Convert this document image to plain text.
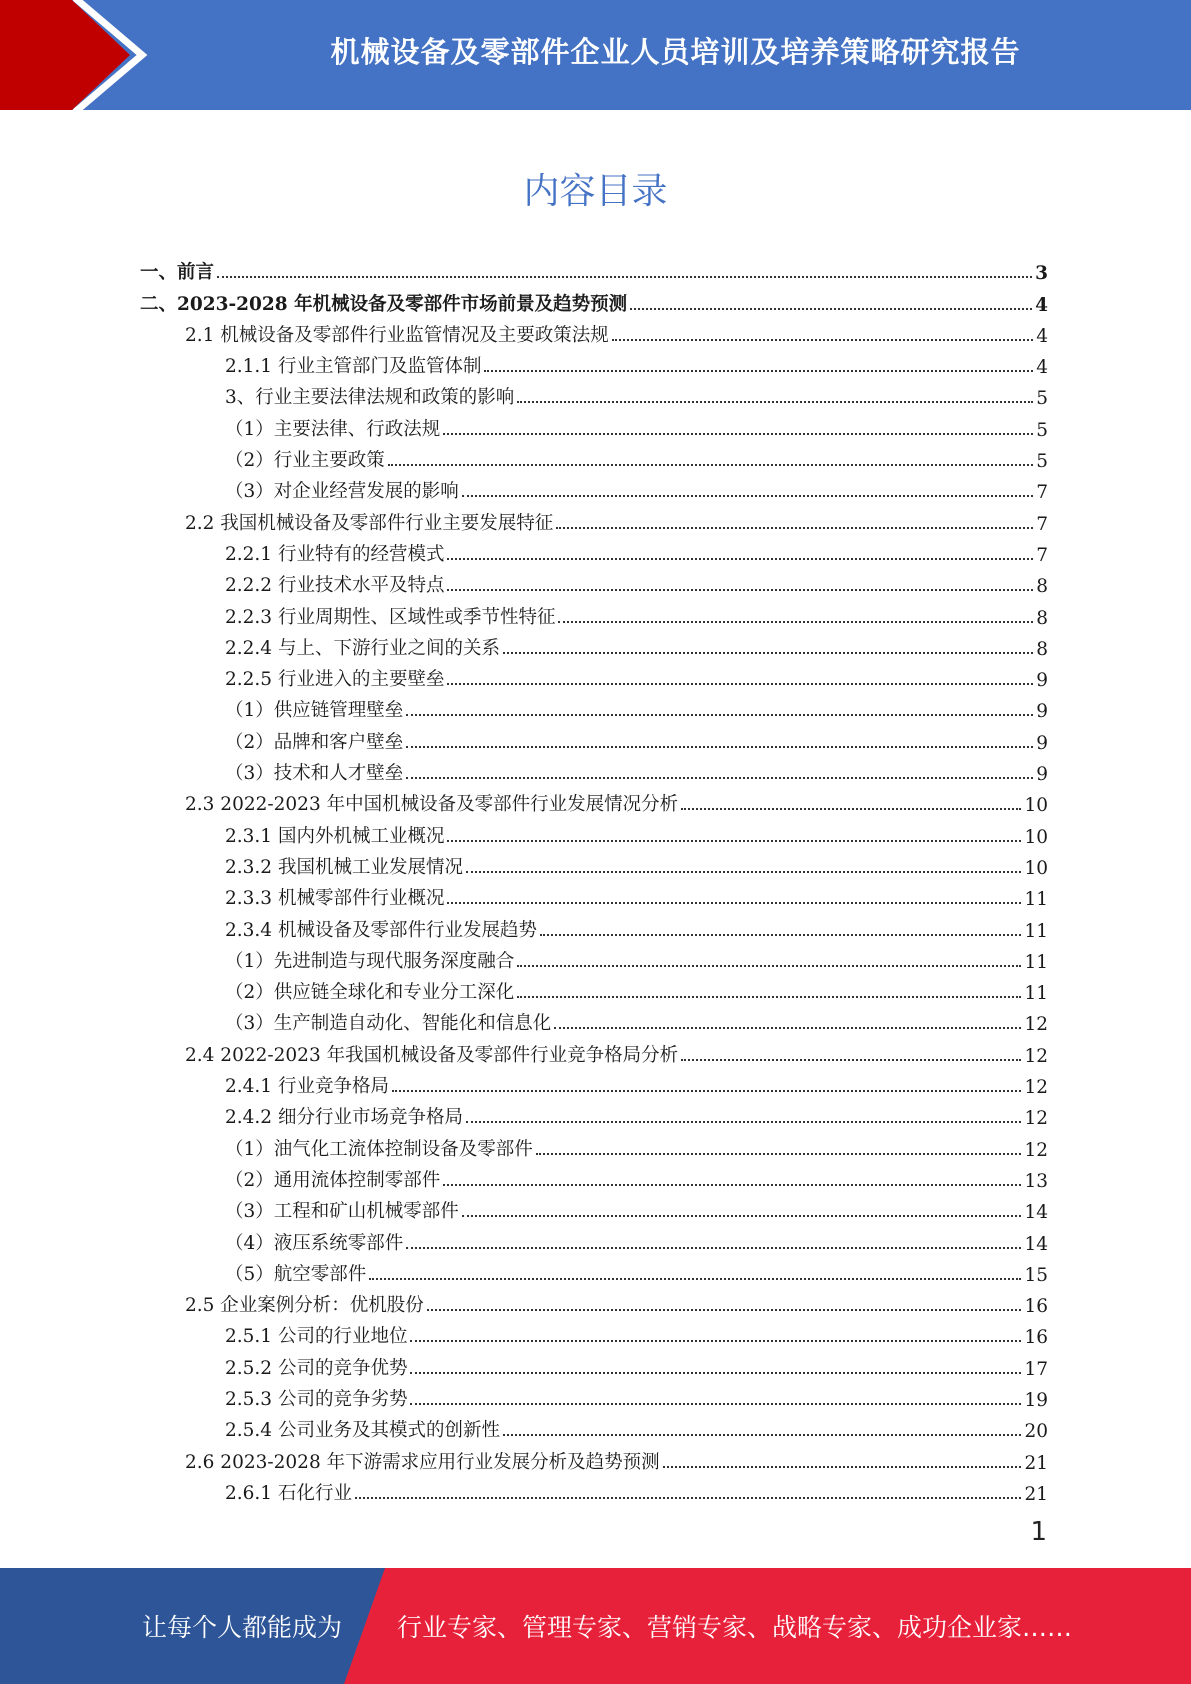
机械设备及零部件企业人员培训及培养策略研究报告
内容目录
一、前言	3
二、2023-2028 年机械设备及零部件市场前景及趋势预测	4
2.1 机械设备及零部件行业监管情况及主要政策法规	4
2.1.1 行业主管部门及监管体制	4
3、行业主要法律法规和政策的影响	5
（1）主要法律、行政法规	5
（2）行业主要政策	5
（3）对企业经营发展的影响	7
2.2 我国机械设备及零部件行业主要发展特征	7
2.2.1 行业特有的经营模式	7
2.2.2 行业技术水平及特点	8
2.2.3 行业周期性、区域性或季节性特征	8
2.2.4 与上、下游行业之间的关系	8
2.2.5 行业进入的主要壁垒	9
（1）供应链管理壁垒	9
（2）品牌和客户壁垒	9
（3）技术和人才壁垒	9
2.3 2022-2023 年中国机械设备及零部件行业发展情况分析	10
2.3.1 国内外机械工业概况	10
2.3.2 我国机械工业发展情况	10
2.3.3 机械零部件行业概况	11
2.3.4 机械设备及零部件行业发展趋势	11
（1）先进制造与现代服务深度融合	11
（2）供应链全球化和专业分工深化	11
（3）生产制造自动化、智能化和信息化	12
2.4 2022-2023 年我国机械设备及零部件行业竞争格局分析	12
2.4.1 行业竞争格局	12
2.4.2 细分行业市场竞争格局	12
（1）油气化工流体控制设备及零部件	12
（2）通用流体控制零部件	13
（3）工程和矿山机械零部件	14
（4）液压系统零部件	14
（5）航空零部件	15
2.5 企业案例分析：优机股份	16
2.5.1 公司的行业地位	16
2.5.2 公司的竞争优势	17
2.5.3 公司的竞争劣势	19
2.5.4 公司业务及其模式的创新性	20
2.6 2023-2028 年下游需求应用行业发展分析及趋势预测	21
2.6.1 石化行业	21
1
让每个人都能成为 行业专家、管理专家、营销专家、战略专家、成功企业家……
